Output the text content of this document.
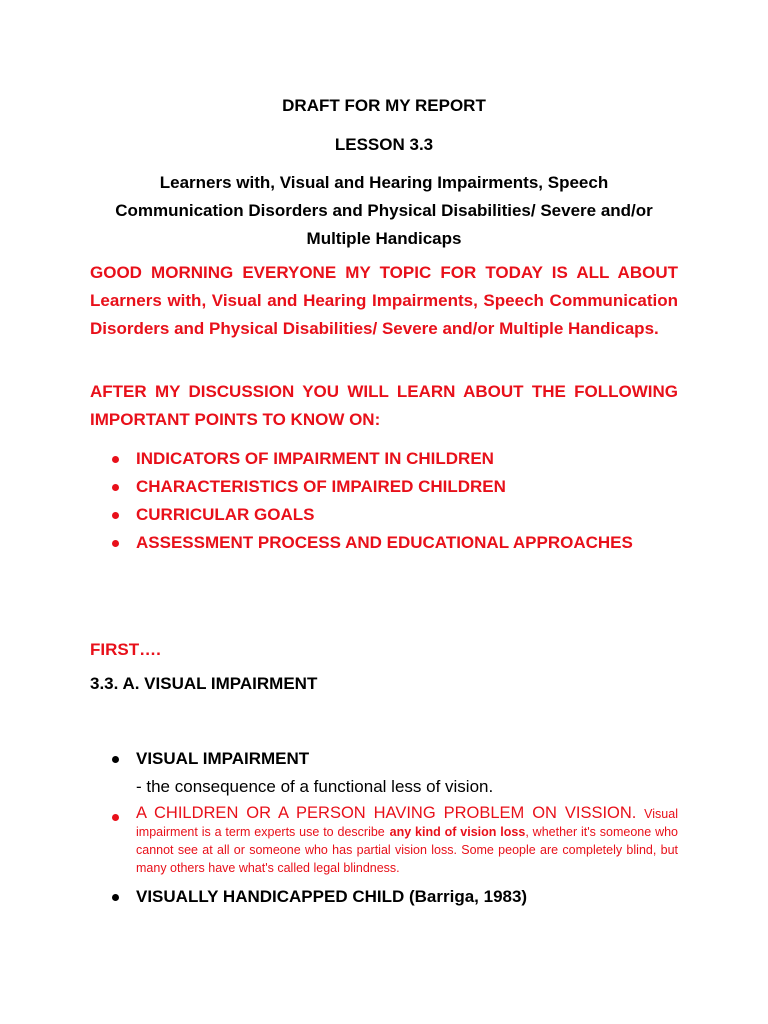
DRAFT FOR MY REPORT
LESSON 3.3
Learners with, Visual and Hearing Impairments, Speech
Communication Disorders and Physical Disabilities/ Severe and/or
Multiple Handicaps
GOOD MORNING EVERYONE MY TOPIC FOR TODAY IS ALL ABOUT Learners with, Visual and Hearing Impairments, Speech Communication Disorders and Physical Disabilities/ Severe and/or Multiple Handicaps.
AFTER MY DISCUSSION YOU WILL LEARN ABOUT THE FOLLOWING IMPORTANT POINTS TO KNOW ON:
INDICATORS OF IMPAIRMENT IN CHILDREN
CHARACTERISTICS OF IMPAIRED CHILDREN
CURRICULAR GOALS
ASSESSMENT PROCESS AND EDUCATIONAL APPROACHES
FIRST….
3.3. A. VISUAL IMPAIRMENT
VISUAL IMPAIRMENT
- the consequence of a functional less of vision.
A CHILDREN OR A PERSON HAVING PROBLEM ON VISSION. Visual impairment is a term experts use to describe any kind of vision loss, whether it's someone who cannot see at all or someone who has partial vision loss. Some people are completely blind, but many others have what's called legal blindness.
VISUALLY HANDICAPPED CHILD (Barriga, 1983)
